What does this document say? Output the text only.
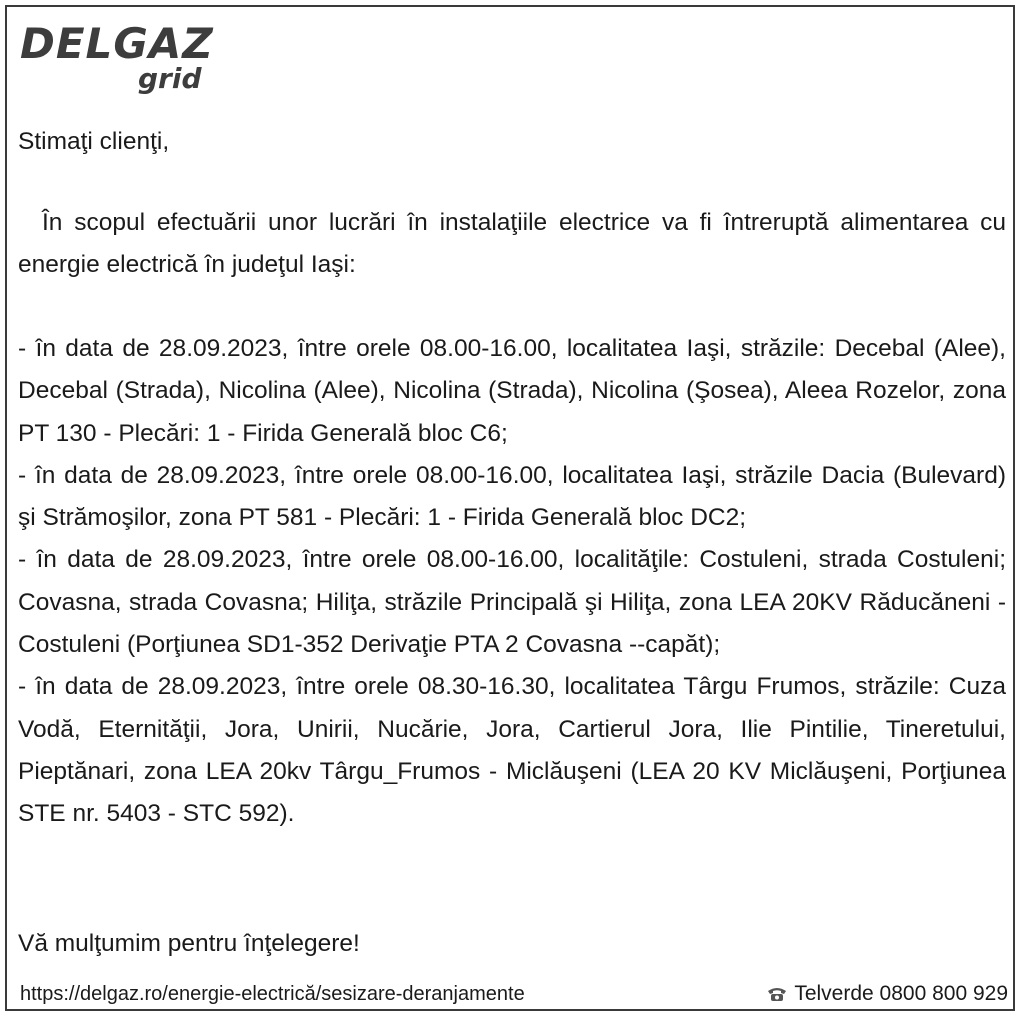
DELGAZ
grid
Stimaţi clienţi,

În scopul efectuării unor lucrări în instalaţiile electrice va fi întreruptă alimentarea cu energie electrică în judeţul Iaşi:

- în data de 28.09.2023, între orele 08.00-16.00, localitatea Iaşi, străzile: Decebal (Alee), Decebal (Strada), Nicolina (Alee), Nicolina (Strada), Nicolina (Şosea), Aleea Rozelor, zona PT 130 - Plecări: 1 - Firida Generală bloc C6;

- în data de 28.09.2023, între orele 08.00-16.00, localitatea Iaşi, străzile Dacia (Bulevard) şi Strămoşilor, zona PT 581 - Plecări: 1 - Firida Generală bloc DC2;

- în data de 28.09.2023, între orele 08.00-16.00, localităţile: Costuleni, strada Costuleni; Covasna, strada Covasna; Hiliţa, străzile Principală şi Hiliţa, zona LEA 20KV Răducăneni - Costuleni (Porţiunea SD1-352 Derivaţie PTA 2 Covasna --capăt);

- în data de 28.09.2023, între orele 08.30-16.30, localitatea Târgu Frumos, străzile: Cuza Vodă, Eternităţii, Jora, Unirii, Nucărie, Jora, Cartierul Jora, Ilie Pintilie, Tineretului, Pieptănari, zona LEA 20kv Târgu_Frumos - Miclăuşeni (LEA 20 KV Miclăuşeni, Porţiunea STE nr. 5403 - STC 592).

Vă mulţumim pentru înţelegere!
https://delgaz.ro/energie-electrică/sesizare-deranjamente	Telverde 0800 800 929
